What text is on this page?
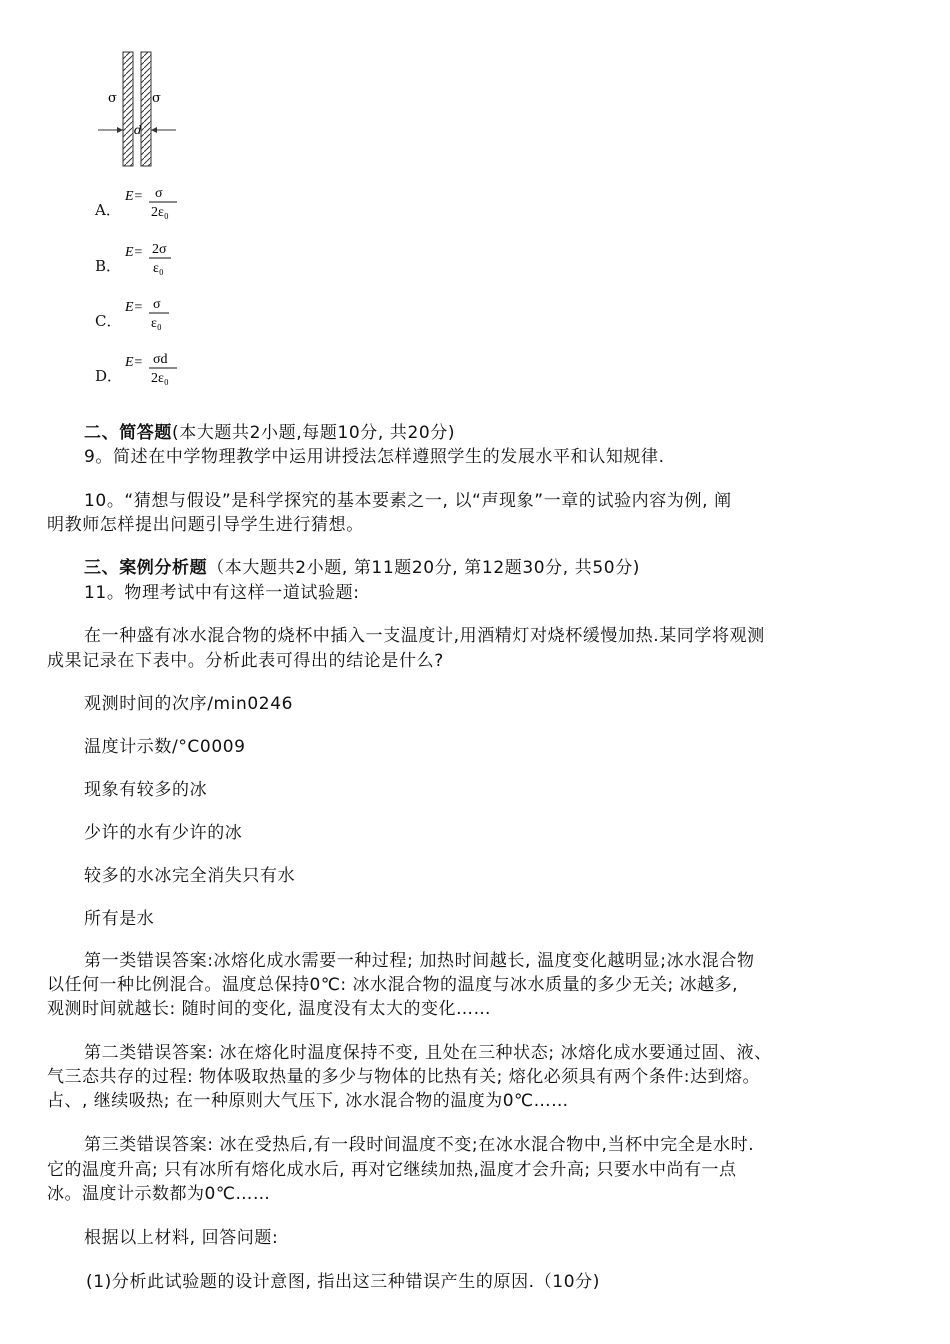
σ	σ
d
A．
E= σ
2ε₀
B．
E= 2σ
ε₀
C．
E= σ
ε₀
D．
E= σd
2ε₀
二、简答题(本大题共2小题,每题10分, 共20分)
9。简述在中学物理教学中运用讲授法怎样遵照学生的发展水平和认知规律.
10。“猜想与假设”是科学探究的基本要素之一, 以“声现象”一章的试验内容为例, 阐
明教师怎样提出问题引导学生进行猜想。
三、案例分析题（本大题共2小题, 第11题20分, 第12题30分, 共50分)
11。物理考试中有这样一道试验题:
在一种盛有冰水混合物的烧杯中插入一支温度计,用酒精灯对烧杯缓慢加热.某同学将观测
成果记录在下表中。分析此表可得出的结论是什么?
观测时间的次序/min0246
温度计示数/°C0009
现象有较多的冰
少许的水有少许的冰
较多的水冰完全消失只有水
所有是水
第一类错误答案:冰熔化成水需要一种过程; 加热时间越长, 温度变化越明显;冰水混合物
以任何一种比例混合。温度总保持0℃: 冰水混合物的温度与冰水质量的多少无关; 冰越多,
观测时间就越长: 随时间的变化, 温度没有太大的变化……
第二类错误答案: 冰在熔化时温度保持不变, 且处在三种状态; 冰熔化成水要通过固、液、
气三态共存的过程: 物体吸取热量的多少与物体的比热有关; 熔化必须具有两个条件:达到熔。
占、, 继续吸热; 在一种原则大气压下, 冰水混合物的温度为0℃……
第三类错误答案: 冰在受热后,有一段时间温度不变;在冰水混合物中,当杯中完全是水时.
它的温度升高; 只有冰所有熔化成水后, 再对它继续加热,温度才会升高; 只要水中尚有一点
冰。温度计示数都为0℃……
根据以上材料, 回答问题:
(1)分析此试验题的设计意图, 指出这三种错误产生的原因.（10分)
